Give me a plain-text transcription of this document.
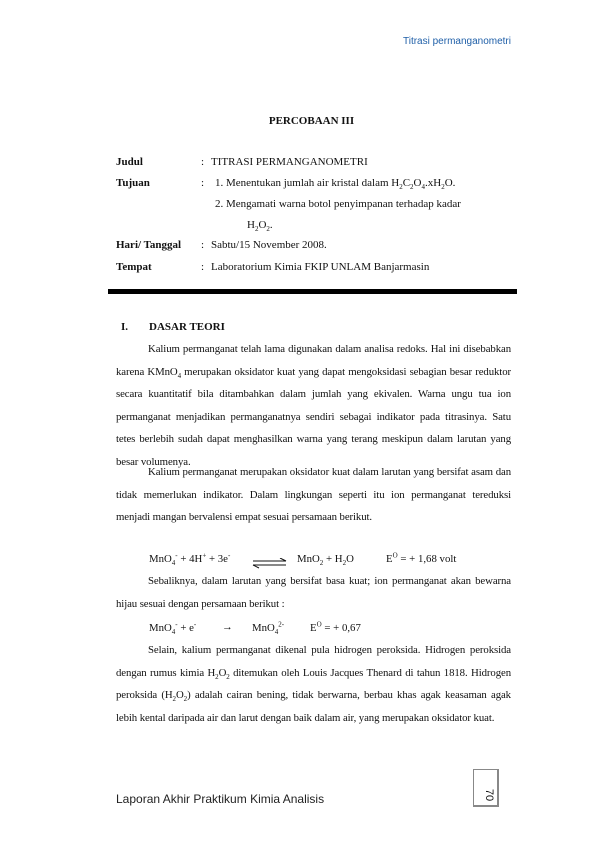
Titrasi permanganometri
PERCOBAAN III
Judul	: TITRASI PERMANGANOMETRI
Tujuan	: 1. Menentukan jumlah air kristal dalam $H_2C_2O_4.xH_2O$.
2. Mengamati warna botol penyimpanan terhadap kadar
$H_2O_2$.
Hari/ Tanggal : Sabtu/15 November 2008.
Tempat	: Laboratorium Kimia FKIP UNLAM Banjarmasin
I. DASAR TEORI
Kalium permanganat telah lama digunakan dalam analisa redoks. Hal ini disebabkan karena KMnO$_4$ merupakan oksidator kuat yang dapat mengoksidasi sebagian besar reduktor secara kuantitatif bila ditambahkan dalam jumlah yang ekivalen. Warna ungu tua ion permanganat menjadikan permanganatnya sendiri sebagai indikator pada titrasinya. Satu tetes berlebih sudah dapat menghasilkan warna yang terang meskipun dalam larutan yang besar volumenya.
Kalium permanganat merupakan oksidator kuat dalam larutan yang bersifat asam dan tidak memerlukan indikator. Dalam lingkungan seperti itu ion permanganat tereduksi menjadi mangan bervalensi empat sesuai persamaan berikut.
MnO$_4$- + 4H+ + 3e- ⇌ $MnO_2 + H_2O$	$E^O$ = + 1,68 volt
Sebaliknya, dalam larutan yang bersifat basa kuat; ion permanganat akan bewarna hijau sesuai dengan persamaan berikut :
MnO$_4$- + e- → MnO$_4^{2-}$ $E^O$ = + 0,67
Selain, kalium permanganat dikenal pula hidrogen peroksida. Hidrogen peroksida dengan rumus kimia $H_2O_2$ ditemukan oleh Louis Jacques Thenard di tahun 1818. Hidrogen peroksida $(H_2O_2)$ adalah cairan bening, tidak berwarna, berbau khas agak keasaman agak lebih kental daripada air dan larut dengan baik dalam air, yang merupakan oksidator kuat.
70
Laporan Akhir Praktikum Kimia Analisis
